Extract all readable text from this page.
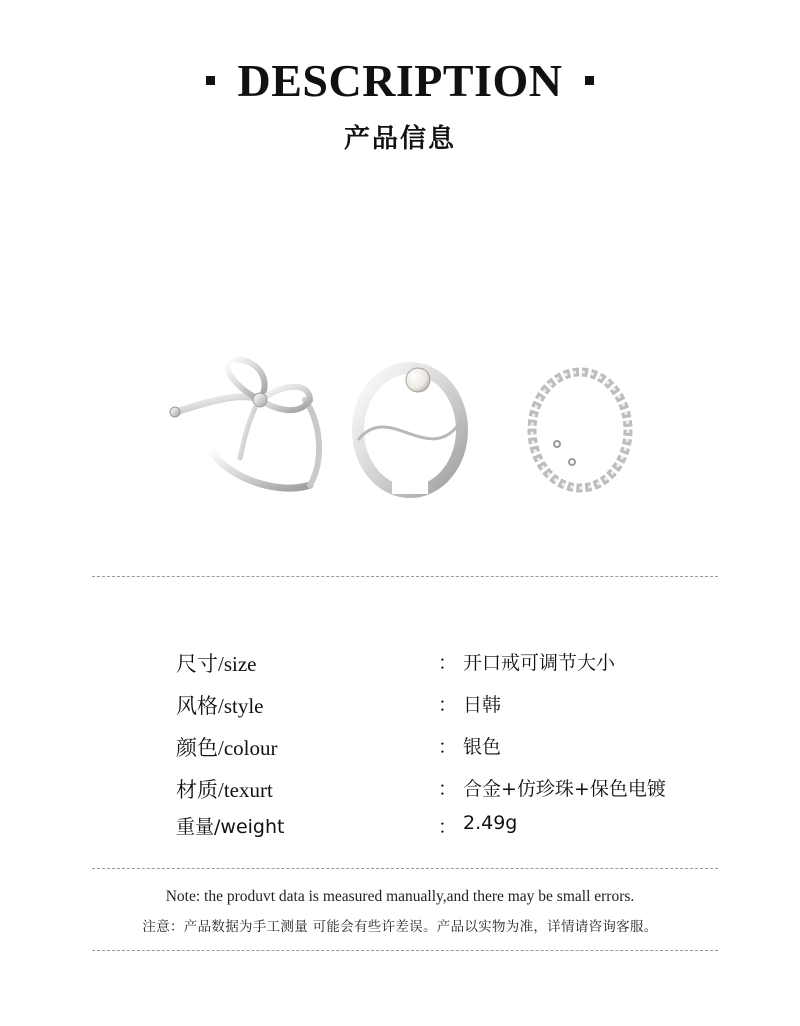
DESCRIPTION
产品信息
尺寸/size	： 开口戒可调节大小
风格/style	： 日韩
颜色/colour	： 银色
材质/texurt	： 合金+仿珍珠+保色电镀
重量/weight	： 2.49g
Note: the produvt data is measured manually,and there may be small errors.
注意：产品数据为手工测量 可能会有些许差误。产品以实物为准，详情请咨询客服。
